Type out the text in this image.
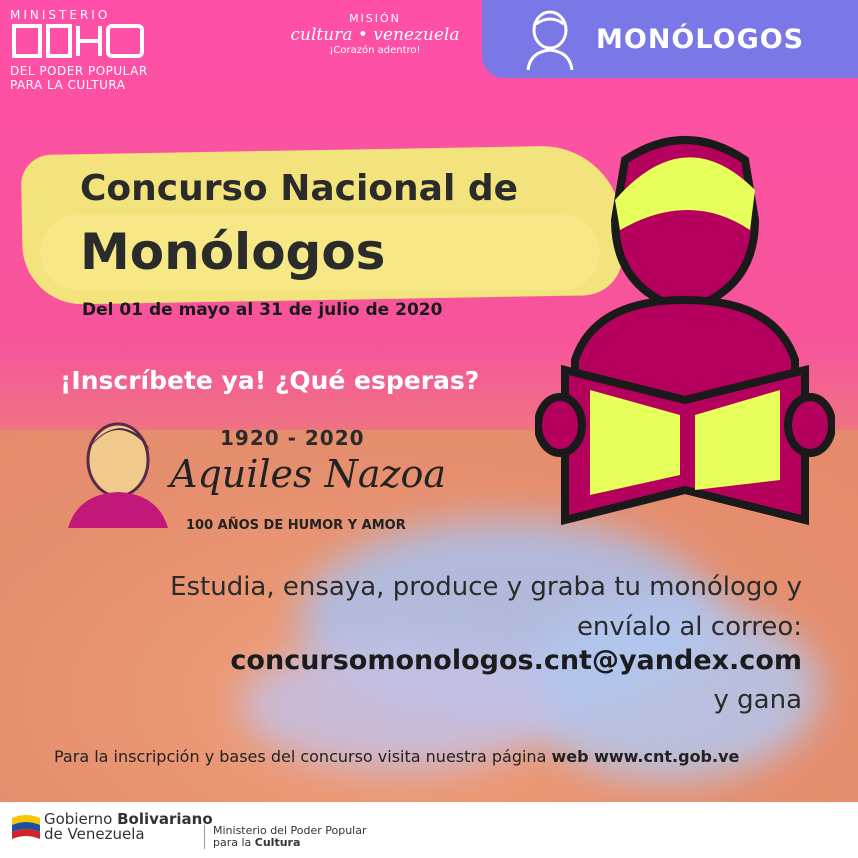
MINISTERIO
DEL PODER POPULAR
PARA LA CULTURA
MISIÓN
cultura • venezuela
¡Corazón adentro!	MONÓLOGOS
Concurso Nacional de
Monólogos
Del 01 de mayo al 31 de julio de 2020
¡Inscríbete ya! ¿Qué esperas?
1920 - 2020
Aquiles Nazoa
100 AÑOS DE HUMOR Y AMOR
Estudia, ensaya, produce y graba tu monólogo y
envíalo al correo:
concursomonologos.cnt@yandex.com
y gana
Para la inscripción y bases del concurso visita nuestra página web www.cnt.gob.ve
Gobierno Bolivariano
de Venezuela	Ministerio del Poder Popular
para la Cultura
